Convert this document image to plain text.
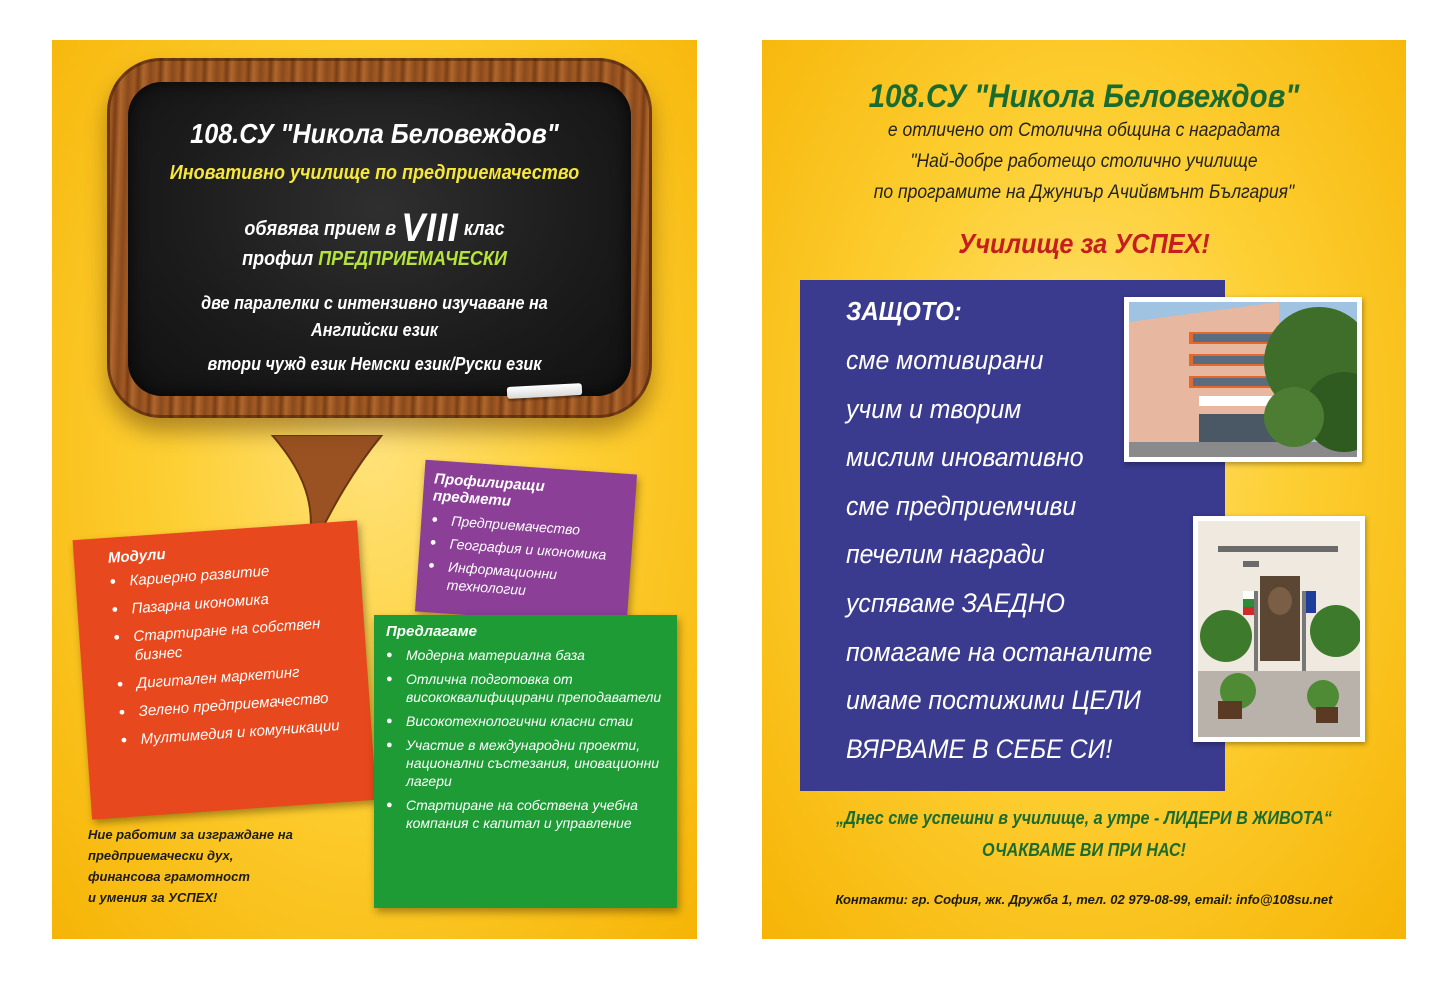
108.СУ "Никола Беловеждов"
Иновативно училище по предприемачество
обявява прием в VIII клас
профил ПРЕДПРИЕМАЧЕСКИ
две паралелки с интензивно изучаване на
Английски език
втори чужд език Немски език/Руски език
Профилиращи предмети
● Предприемачество
● География и икономика
● Информационни технологии
Модули
● Кариерно развитие
● Пазарна икономика
● Стартиране на собствен бизнес
● Дигитален маркетинг
● Зелено предприемачество
● Мултимедия и комуникации
Предлагаме
● Модерна материална база
● Отлична подготовка от висококвалифицирани преподаватели
● Високотехнологични класни стаи
● Участие в международни проекти, национални състезания, иновационни лагери
● Стартиране на собствена учебна компания с капитал и управление
Ние работим за изграждане на
предприемачески дух,
финансова грамотност
и умения за УСПЕХ!
108.СУ "Никола Беловеждов"
е отличено от Столична община с наградата
"Най-добре работещо столично училище
по програмите на Джуниър Ачийвмънт България"
Училище за УСПЕХ!
ЗАЩОТО:
сме мотивирани
учим и творим
мислим иновативно
сме предприемчиви
печелим награди
успяваме ЗАЕДНО
помагаме на останалите
имаме постижими ЦЕЛИ
ВЯРВАМЕ В СЕБЕ СИ!
„Днес сме успешни в училище, а утре - ЛИДЕРИ В ЖИВОТА“
ОЧАКВАМЕ ВИ ПРИ НАС!
Контакти: гр. София, жк. Дружба 1, тел. 02 979-08-99, email: info@108su.net
